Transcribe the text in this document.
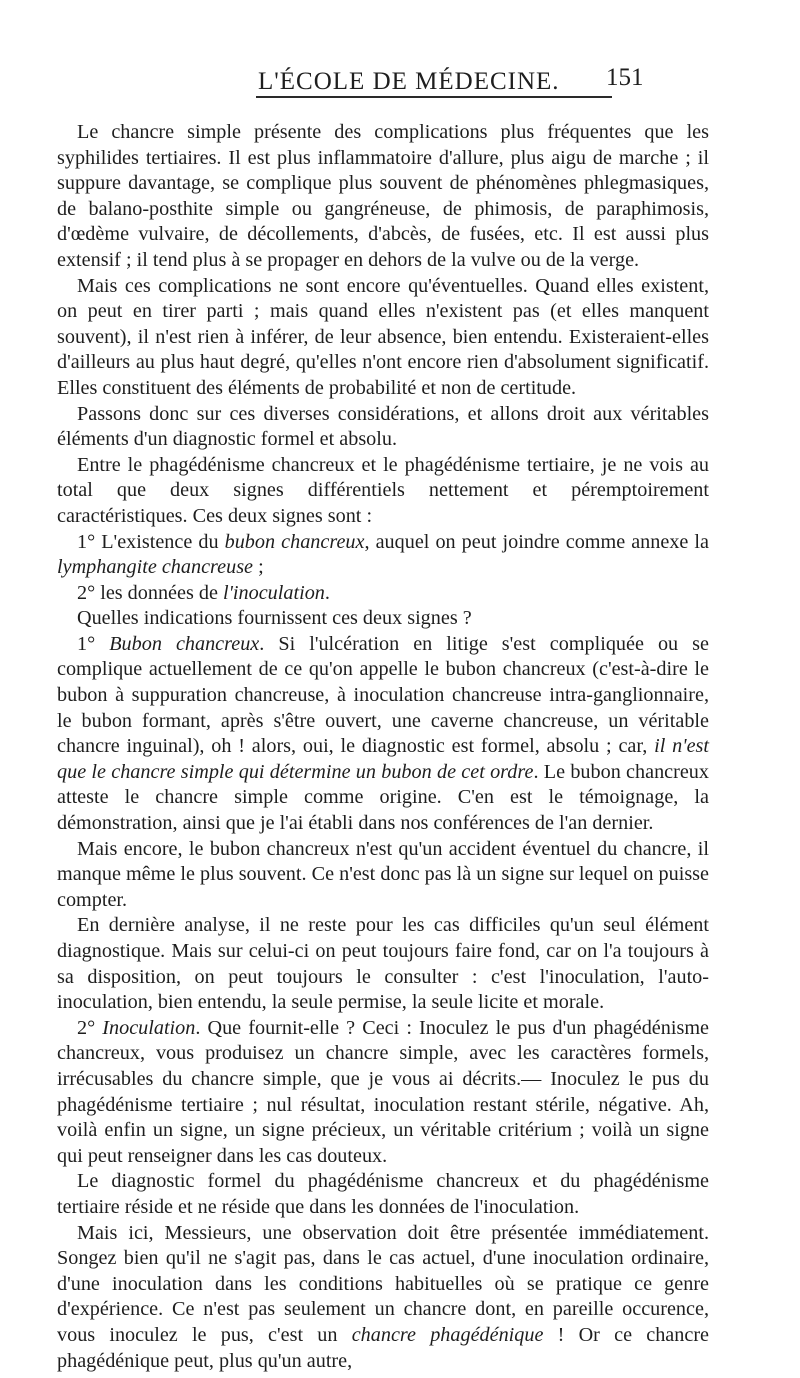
L'ÉCOLE DE MÉDECINE. 151

Le chancre simple présente des complications plus fréquentes que les syphilides tertiaires. Il est plus inflammatoire d'allure, plus aigu de marche ; il suppure davantage, se complique plus souvent de phénomènes phlegmasiques, de balano-posthite simple ou gangréneuse, de phimosis, de paraphimosis, d'œdème vulvaire, de décollements, d'abcès, de fusées, etc. Il est aussi plus extensif ; il tend plus à se propager en dehors de la vulve ou de la verge.

Mais ces complications ne sont encore qu'éventuelles. Quand elles existent, on peut en tirer parti ; mais quand elles n'existent pas (et elles manquent souvent), il n'est rien à inférer, de leur absence, bien entendu. Existeraient-elles d'ailleurs au plus haut degré, qu'elles n'ont encore rien d'absolument significatif. Elles constituent des éléments de probabilité et non de certitude.

Passons donc sur ces diverses considérations, et allons droit aux véritables éléments d'un diagnostic formel et absolu.

Entre le phagédénisme chancreux et le phagédénisme tertiaire, je ne vois au total que deux signes différentiels nettement et péremptoirement caractéristiques. Ces deux signes sont :

1° L'existence du bubon chancreux, auquel on peut joindre comme annexe la lymphangite chancreuse ;

2° les données de l'inoculation.

Quelles indications fournissent ces deux signes ?

1° Bubon chancreux. Si l'ulcération en litige s'est compliquée ou se complique actuellement de ce qu'on appelle le bubon chancreux (c'est-à-dire le bubon à suppuration chancreuse, à inoculation chancreuse intra-ganglionnaire, le bubon formant, après s'être ouvert, une caverne chancreuse, un véritable chancre inguinal), oh ! alors, oui, le diagnostic est formel, absolu ; car, il n'est que le chancre simple qui détermine un bubon de cet ordre. Le bubon chancreux atteste le chancre simple comme origine. C'en est le témoignage, la démonstration, ainsi que je l'ai établi dans nos conférences de l'an dernier.

Mais encore, le bubon chancreux n'est qu'un accident éventuel du chancre, il manque même le plus souvent. Ce n'est donc pas là un signe sur lequel on puisse compter.

En dernière analyse, il ne reste pour les cas difficiles qu'un seul élément diagnostique. Mais sur celui-ci on peut toujours faire fond, car on l'a toujours à sa disposition, on peut toujours le consulter : c'est l'inoculation, l'auto-inoculation, bien entendu, la seule permise, la seule licite et morale.

2° Inoculation. Que fournit-elle ? Ceci : Inoculez le pus d'un phagédénisme chancreux, vous produisez un chancre simple, avec les caractères formels, irrécusables du chancre simple, que je vous ai décrits.— Inoculez le pus du phagédénisme tertiaire ; nul résultat, inoculation restant stérile, négative. Ah, voilà enfin un signe, un signe précieux, un véritable critérium ; voilà un signe qui peut renseigner dans les cas douteux.

Le diagnostic formel du phagédénisme chancreux et du phagédénisme tertiaire réside et ne réside que dans les données de l'inoculation.

Mais ici, Messieurs, une observation doit être présentée immédiatement. Songez bien qu'il ne s'agit pas, dans le cas actuel, d'une inoculation ordinaire, d'une inoculation dans les conditions habituelles où se pratique ce genre d'expérience. Ce n'est pas seulement un chancre dont, en pareille occurence, vous inoculez le pus, c'est un chancre phagédénique ! Or ce chancre phagédénique peut, plus qu'un autre,
